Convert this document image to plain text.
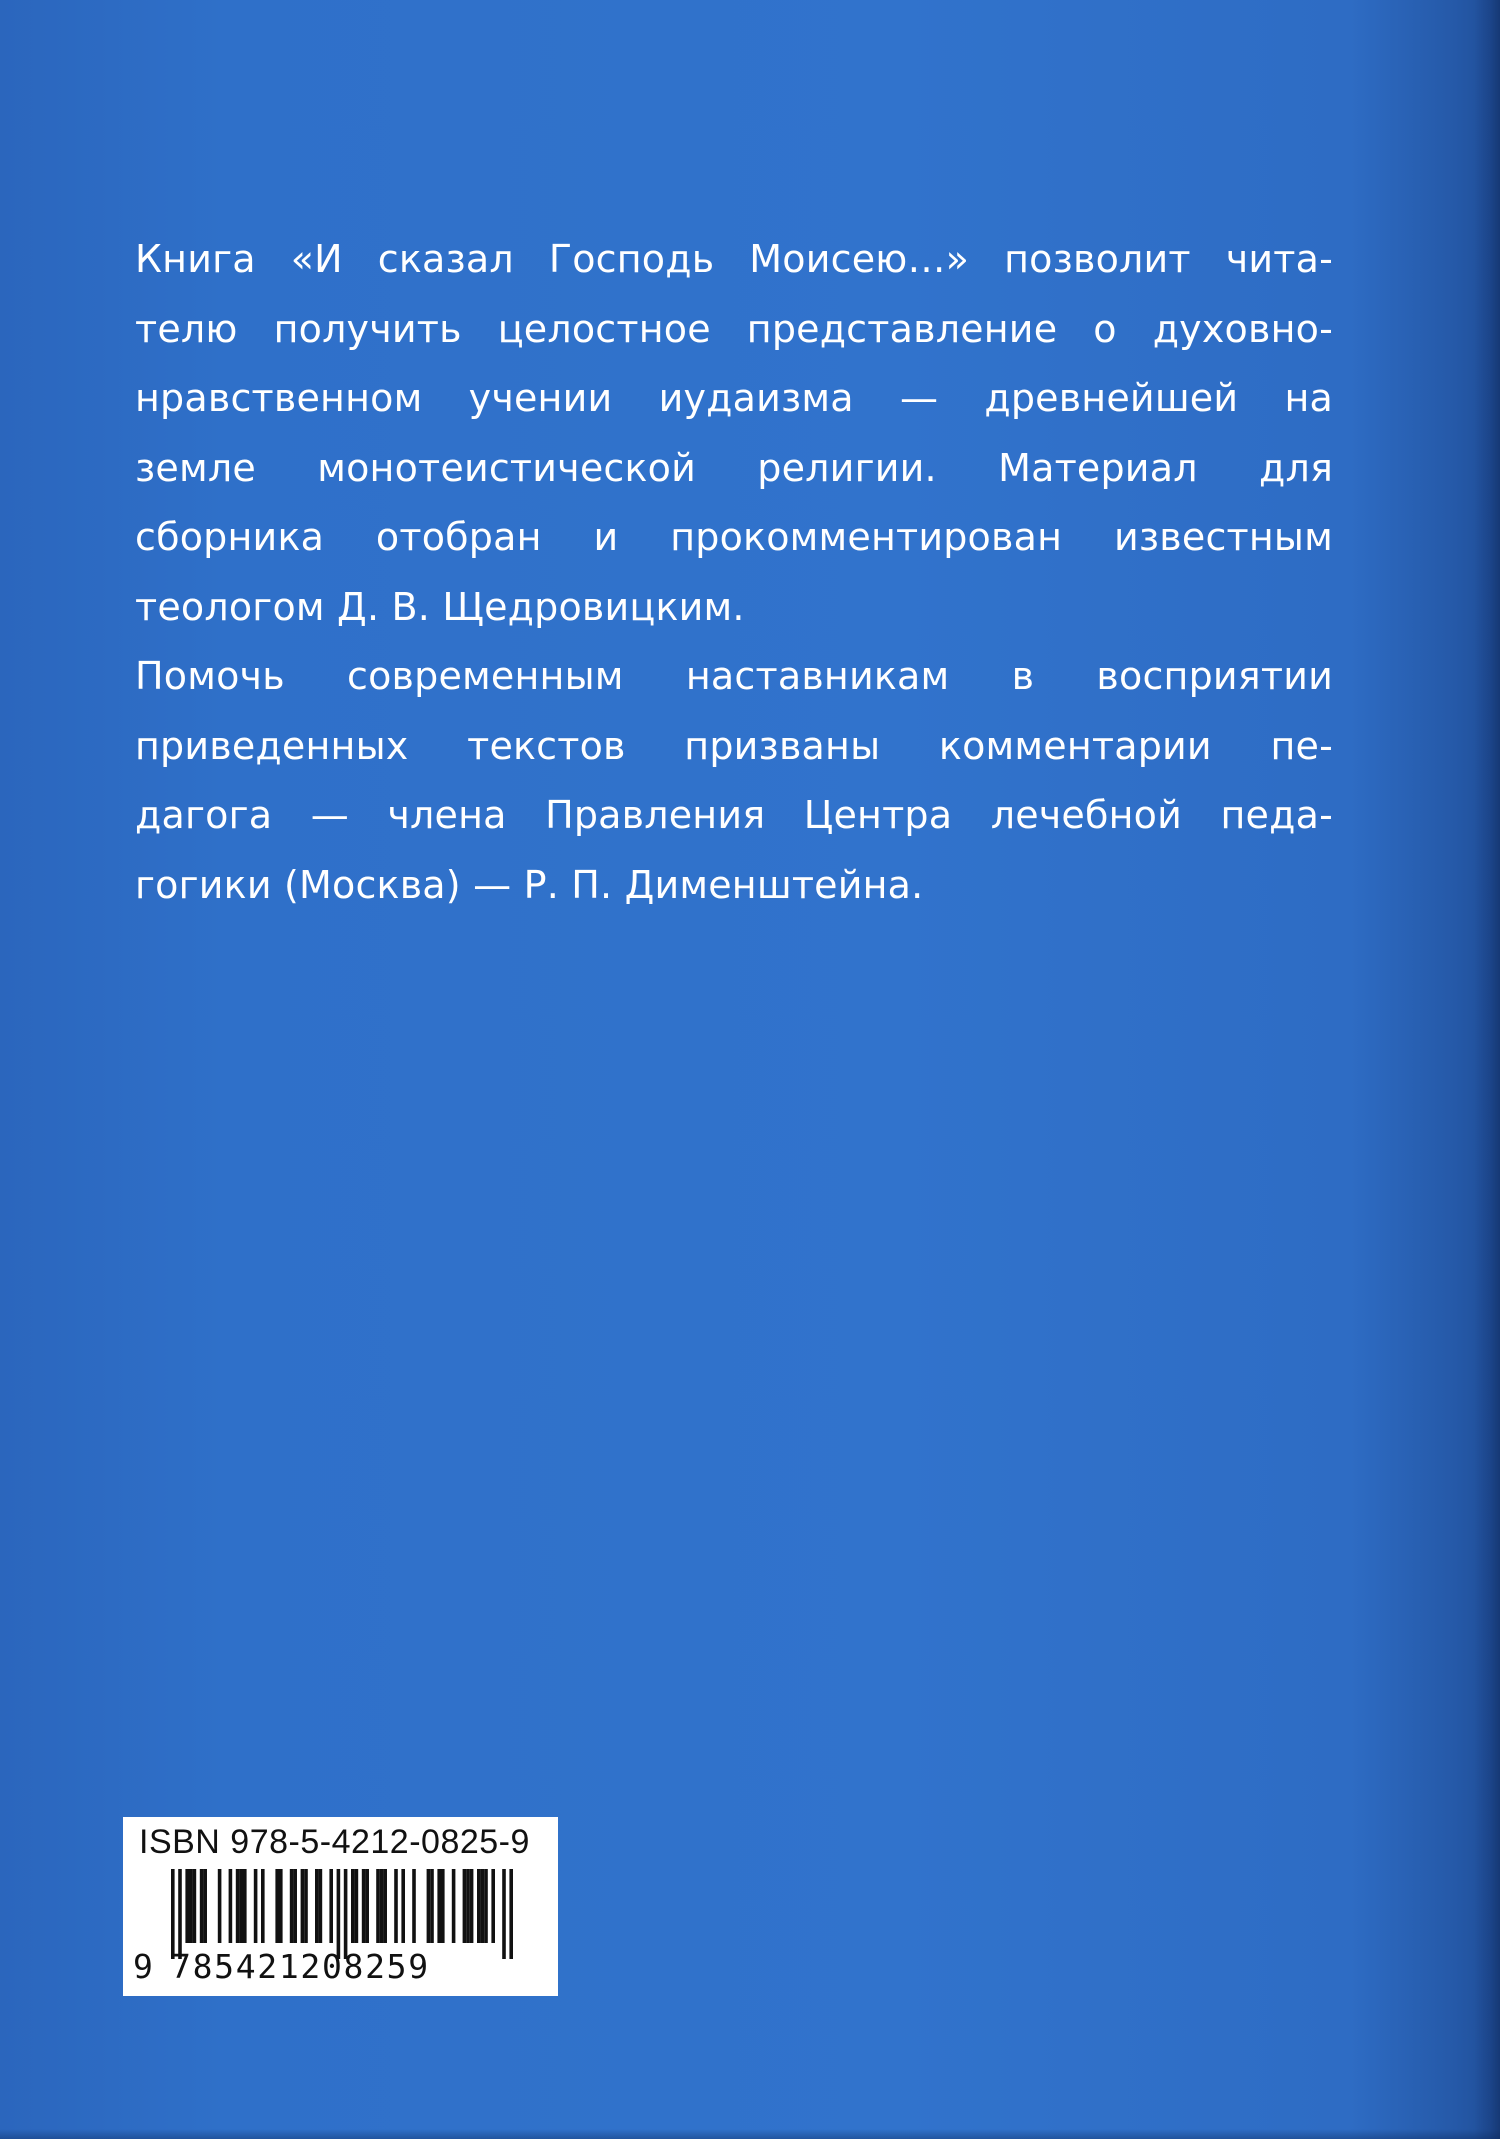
Книга «И сказал Господь Моисею…» позволит чита-
телю получить целостное представление о духовно-
нравственном учении иудаизма — древнейшей на
земле монотеистической религии. Материал для
сборника отобран и прокомментирован известным
теологом Д. В. Щедровицким.

Помочь современным наставникам в восприятии
приведенных текстов призваны комментарии пе-
дагога — члена Правления Центра лечебной педа-
гогики (Москва) — Р. П. Дименштейна.

ISBN 978-5-4212-0825-9
9 785421208259
